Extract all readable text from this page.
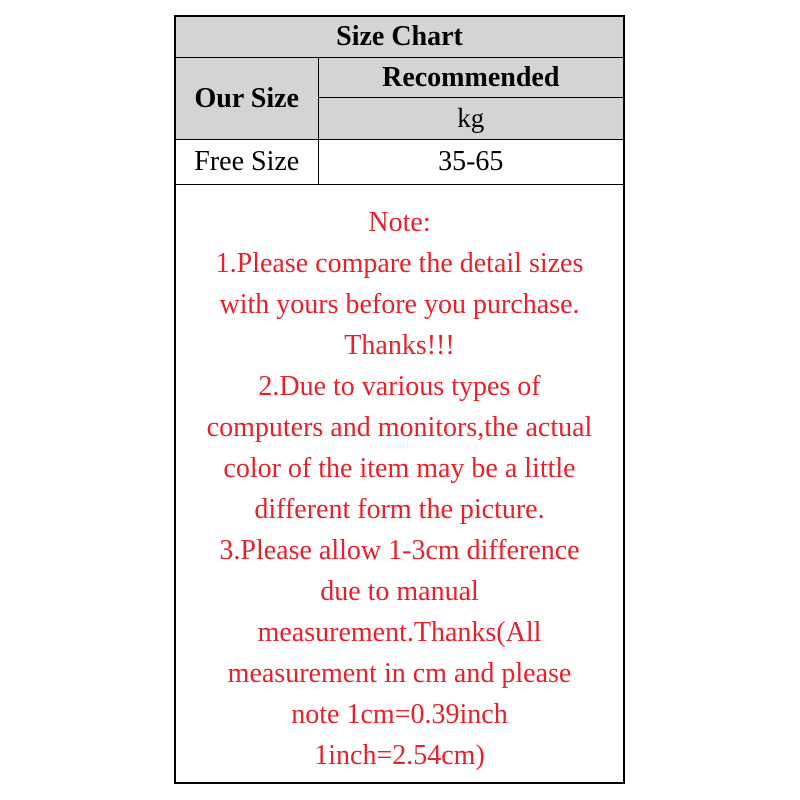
Size Chart	
Our Size	Recommended
	kg
Free Size	35-65
Note:
1.Please compare the detail sizes
with yours before you purchase.
Thanks!!!
2.Due to various types of
computers and monitors,the actual
color of the item may be a little
different form the picture.
3.Please allow 1-3cm difference
due to manual
measurement.Thanks(All
measurement in cm and please
note 1cm=0.39inch
1inch=2.54cm)
